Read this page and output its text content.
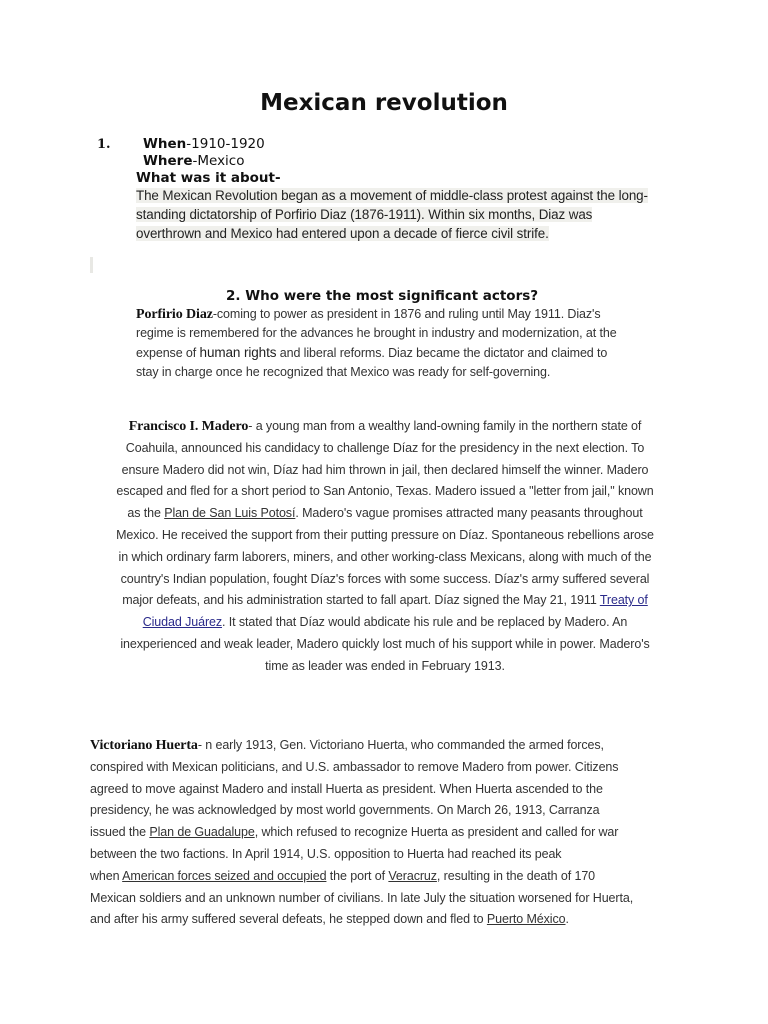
Mexican revolution
1. When-1910-1920
Where-Mexico
What was it about-
The Mexican Revolution began as a movement of middle-class protest against the long-
standing dictatorship of Porfirio Diaz (1876-1911). Within six months, Diaz was
overthrown and Mexico had entered upon a decade of fierce civil strife.
2. Who were the most significant actors?
Porfirio Diaz-coming to power as president in 1876 and ruling until May 1911. Diaz's
regime is remembered for the advances he brought in industry and modernization, at the
expense of human rights and liberal reforms. Diaz became the dictator and claimed to
stay in charge once he recognized that Mexico was ready for self-governing.
Francisco I. Madero- a young man from a wealthy land-owning family in the northern state of
Coahuila, announced his candidacy to challenge Díaz for the presidency in the next election. To
ensure Madero did not win, Díaz had him thrown in jail, then declared himself the winner. Madero
escaped and fled for a short period to San Antonio, Texas. Madero issued a "letter from jail," known
as the Plan de San Luis Potosí. Madero's vague promises attracted many peasants throughout
Mexico. He received the support from their putting pressure on Díaz. Spontaneous rebellions arose
in which ordinary farm laborers, miners, and other working-class Mexicans, along with much of the
country's Indian population, fought Díaz's forces with some success. Díaz's army suffered several
major defeats, and his administration started to fall apart. Díaz signed the May 21, 1911 Treaty of
Ciudad Juárez. It stated that Díaz would abdicate his rule and be replaced by Madero. An
inexperienced and weak leader, Madero quickly lost much of his support while in power. Madero's
time as leader was ended in February 1913.
Victoriano Huerta- n early 1913, Gen. Victoriano Huerta, who commanded the armed forces,
conspired with Mexican politicians, and U.S. ambassador to remove Madero from power. Citizens
agreed to move against Madero and install Huerta as president. When Huerta ascended to the
presidency, he was acknowledged by most world governments. On March 26, 1913, Carranza
issued the Plan de Guadalupe, which refused to recognize Huerta as president and called for war
between the two factions. In April 1914, U.S. opposition to Huerta had reached its peak
when American forces seized and occupied the port of Veracruz, resulting in the death of 170
Mexican soldiers and an unknown number of civilians. In late July the situation worsened for Huerta,
and after his army suffered several defeats, he stepped down and fled to Puerto México.
